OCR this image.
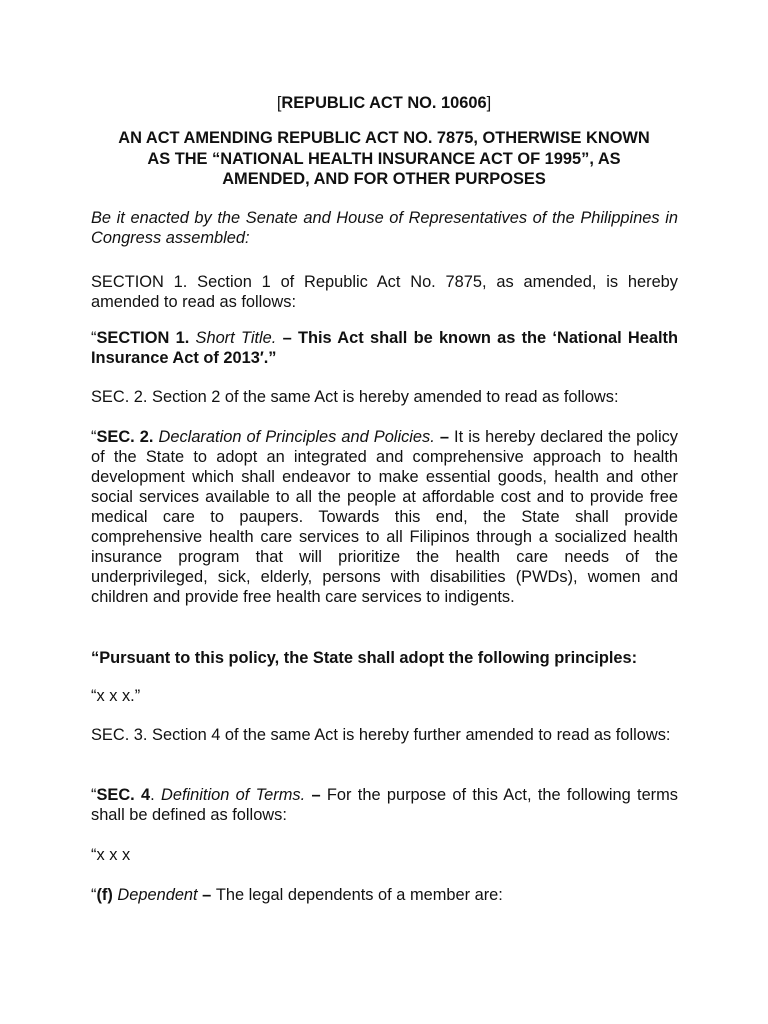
[REPUBLIC ACT NO. 10606]
AN ACT AMENDING REPUBLIC ACT NO. 7875, OTHERWISE KNOWN
AS THE “NATIONAL HEALTH INSURANCE ACT OF 1995”, AS
AMENDED, AND FOR OTHER PURPOSES

Be it enacted by the Senate and House of Representatives of the Philippines in Congress assembled:

SECTION 1. Section 1 of Republic Act No. 7875, as amended, is hereby amended to read as follows:

“SECTION 1. Short Title. – This Act shall be known as the ‘National Health Insurance Act of 2013′.”

SEC. 2. Section 2 of the same Act is hereby amended to read as follows:

“SEC. 2. Declaration of Principles and Policies. – It is hereby declared the policy of the State to adopt an integrated and comprehensive approach to health development which shall endeavor to make essential goods, health and other social services available to all the people at affordable cost and to provide free medical care to paupers. Towards this end, the State shall provide comprehensive health care services to all Filipinos through a socialized health insurance program that will prioritize the health care needs of the underprivileged, sick, elderly, persons with disabilities (PWDs), women and children and provide free health care services to indigents.

“Pursuant to this policy, the State shall adopt the following principles:

“x x x.”

SEC. 3. Section 4 of the same Act is hereby further amended to read as follows:

“SEC. 4. Definition of Terms. – For the purpose of this Act, the following terms shall be defined as follows:

“x x x

“(f) Dependent – The legal dependents of a member are:
